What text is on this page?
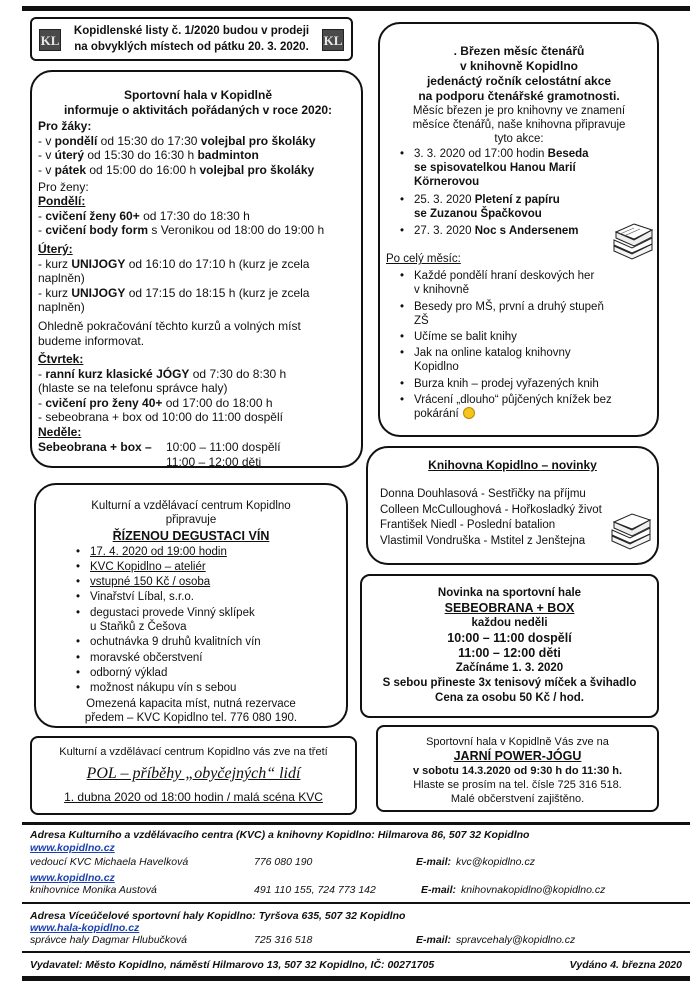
KL	KL
Kopidlenské listy č. 1/2020 budou v prodeji
na obvyklých místech od pátku 20. 3. 2020.
Sportovní hala v Kopidlně
informuje o aktivitách pořádaných v roce 2020:
Pro žáky:
- v pondělí od 15:30 do 17:30 volejbal pro školáky
- v úterý od 15:30 do 16:30 h badminton
- v pátek od 15:00 do 16:00 h volejbal pro školáky
Pro ženy:
Pondělí:
- cvičení ženy 60+ od 17:30 do 18:30 h
- cvičení body form s Veronikou od 18:00 do 19:00 h
Úterý:
- kurz UNIJOGY od 16:10 do 17:10 h (kurz je zcela
naplněn)
- kurz UNIJOGY od 17:15 do 18:15 h (kurz je zcela
naplněn)
Ohledně pokračování těchto kurzů a volných míst
budeme informovat.
Čtvrtek:
- ranní kurz klasické JÓGY od 7:30 do 8:30 h
(hlaste se na telefonu správce haly)
- cvičení pro ženy 40+ od 17:00 do 18:00 h
- sebeobrana + box od 10:00 do 11:00 dospělí
Neděle:
Sebeobrana + box – 10:00 – 11:00 dospělí
11:00 – 12:00 děti
. Březen měsíc čtenářů
v knihovně Kopidlno
jedenáctý ročník celostátní akce
na podporu čtenářské gramotnosti.
Měsíc březen je pro knihovny ve znamení
měsíce čtenářů, naše knihovna připravuje
tyto akce:
• 3. 3. 2020 od 17:00 hodin Beseda
se spisovatelkou Hanou Marií
Körnerovou
• 25. 3. 2020 Pletení z papíru
se Zuzanou Špačkovou
• 27. 3. 2020 Noc s Andersenem
Po celý měsíc:
• Každé pondělí hraní deskových her
v knihovně
• Besedy pro MŠ, první a druhý stupeň
ZŠ
• Učíme se balit knihy
• Jak na online katalog knihovny
Kopidlno
• Burza knih – prodej vyřazených knih
• Vrácení „dlouho“ půjčených knížek bez
pokárání
Knihovna Kopidlno – novinky
Donna Douhlasová - Sestřičky na příjmu
Colleen McCulloughová - Hořkosladký život
František Niedl - Poslední batalion
Vlastimil Vondruška - Mstitel z Jenštejna
Kulturní a vzdělávací centrum Kopidlno
připravuje
ŘÍZENOU DEGUSTACI VÍN
• 17. 4. 2020 od 19:00 hodin
• KVC Kopidlno – ateliér
• vstupné 150 Kč / osoba
• Vinařství Líbal, s.r.o.
• degustaci provede Vinný sklípek
u Staňků z Češova
• ochutnávka 9 druhů kvalitních vín
• moravské občerstvení
• odborný výklad
• možnost nákupu vín s sebou
Omezená kapacita míst, nutná rezervace
předem – KVC Kopidlno tel. 776 080 190.
Novinka na sportovní hale
SEBEOBRANA + BOX
každou neděli
10:00 – 11:00 dospělí
11:00 – 12:00 děti
Začínáme 1. 3. 2020
S sebou přineste 3x tenisový míček a švihadlo
Cena za osobu 50 Kč / hod.
Kulturní a vzdělávací centrum Kopidlno vás zve na třetí
POL – příběhy „obyčejných“ lidí
1. dubna 2020 od 18:00 hodin / malá scéna KVC
Sportovní hala v Kopidlně Vás zve na
JARNÍ POWER-JÓGU
v sobotu 14.3.2020 od 9:30 h do 11:30 h.
Hlaste se prosím na tel. čísle 725 316 518.
Malé občerstvení zajištěno.
Adresa Kulturního a vzdělávacího centra (KVC) a knihovny Kopidlno: Hilmarova 86, 507 32 Kopidlno
www.kopidlno.cz
vedoucí KVC Michaela Havelková	776 080 190	E-mail: kvc@kopidlno.cz
www.kopidlno.cz
knihovnice Monika Austová	491 110 155, 724 773 142	E-mail: knihovnakopidlno@kopidlno.cz
Adresa Víceúčelové sportovní haly Kopidlno: Tyršova 635, 507 32 Kopidlno
www.hala-kopidlno.cz
správce haly Dagmar Hlubučková	725 316 518	E-mail: spravcehaly@kopidlno.cz
Vydavatel: Město Kopidlno, náměstí Hilmarovo 13, 507 32 Kopidlno, IČ: 00271705	Vydáno 4. března 2020
